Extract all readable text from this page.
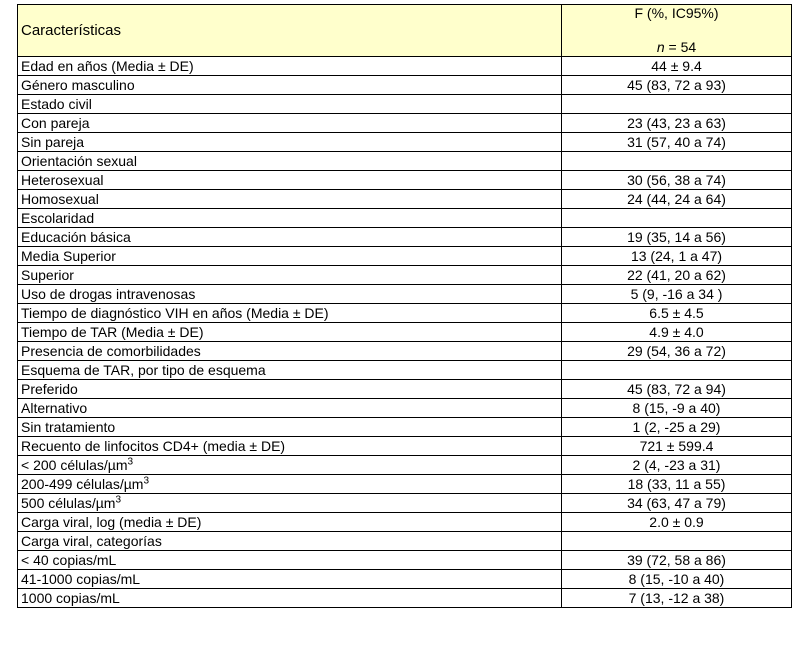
Características	F (%, IC95%)
n = 54

Edad en años (Media ± DE)	44 ± 9.4
Género masculino	45 (83, 72 a 93)
Estado civil	
Con pareja	23 (43, 23 a 63)
Sin pareja	31 (57, 40 a 74)
Orientación sexual	
Heterosexual	30 (56, 38 a 74)
Homosexual	24 (44, 24 a 64)
Escolaridad	
Educación básica	19 (35, 14 a 56)
Media Superior	13 (24, 1 a 47)
Superior	22 (41, 20 a 62)
Uso de drogas intravenosas	5 (9, -16 a 34 )
Tiempo de diagnóstico VIH en años (Media ± DE)	6.5 ± 4.5
Tiempo de TAR (Media ± DE)	4.9 ± 4.0
Presencia de comorbilidades	29 (54, 36 a 72)
Esquema de TAR, por tipo de esquema	
Preferido	45 (83, 72 a 94)
Alternativo	8 (15, -9 a 40)
Sin tratamiento	1 (2, -25 a 29)
Recuento de linfocitos CD4+ (media ± DE)	721 ± 599.4
< 200 células/µm$^3$	2 (4, -23 a 31)
200-499 células/µm$^3$	18 (33, 11 a 55)
500 células/µm$^3$	34 (63, 47 a 79)
Carga viral, log (media ± DE)	2.0 ± 0.9
Carga viral, categorías	
< 40 copias/mL	39 (72, 58 a 86)
41-1000 copias/mL	8 (15, -10 a 40)
1000 copias/mL	7 (13, -12 a 38)
